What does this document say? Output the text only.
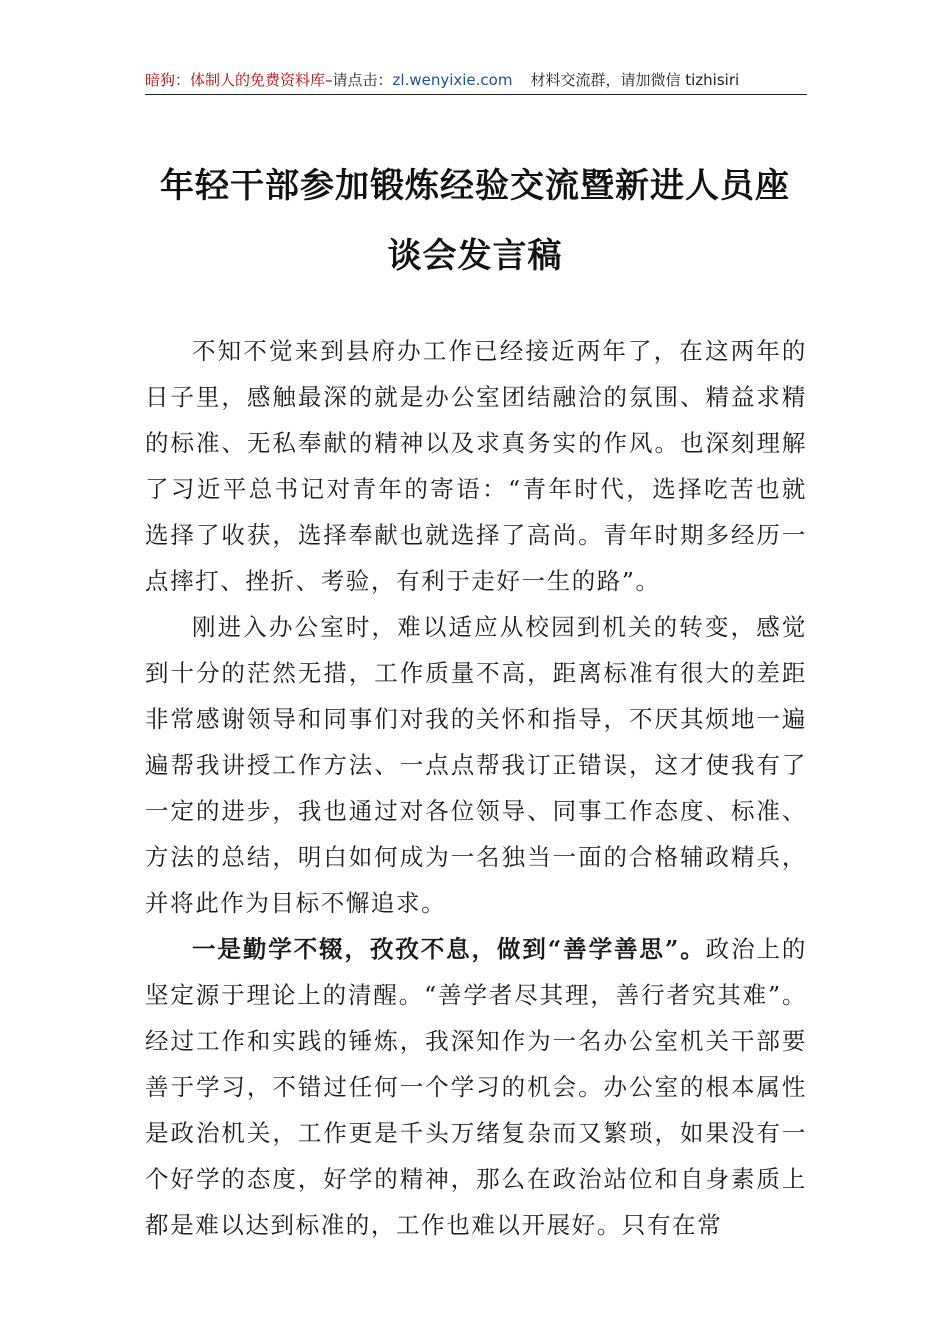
暗狗：体制人的免费资料库–请点击：zl.wenyixie.com 材料交流群，请加微信 tizhisiri
年轻干部参加锻炼经验交流暨新进人员座
谈会发言稿

不知不觉来到县府办工作已经接近两年了，在这两年的日子里，感触最深的就是办公室团结融洽的氛围、精益求精的标准、无私奉献的精神以及求真务实的作风。也深刻理解了习近平总书记对青年的寄语：“青年时代，选择吃苦也就选择了收获，选择奉献也就选择了高尚。青年时期多经历一点摔打、挫折、考验，有利于走好一生的路”。

刚进入办公室时，难以适应从校园到机关的转变，感觉到十分的茫然无措，工作质量不高，距离标准有很大的差距非常感谢领导和同事们对我的关怀和指导，不厌其烦地一遍遍帮我讲授工作方法、一点点帮我订正错误，这才使我有了一定的进步，我也通过对各位领导、同事工作态度、标准、方法的总结，明白如何成为一名独当一面的合格辅政精兵，并将此作为目标不懈追求。

一是勤学不辍，孜孜不息，做到“善学善思”。政治上的坚定源于理论上的清醒。“善学者尽其理，善行者究其难”。经过工作和实践的锤炼，我深知作为一名办公室机关干部要善于学习，不错过任何一个学习的机会。办公室的根本属性是政治机关，工作更是千头万绪复杂而又繁琐，如果没有一个好学的态度，好学的精神，那么在政治站位和自身素质上都是难以达到标准的，工作也难以开展好。只有在常
